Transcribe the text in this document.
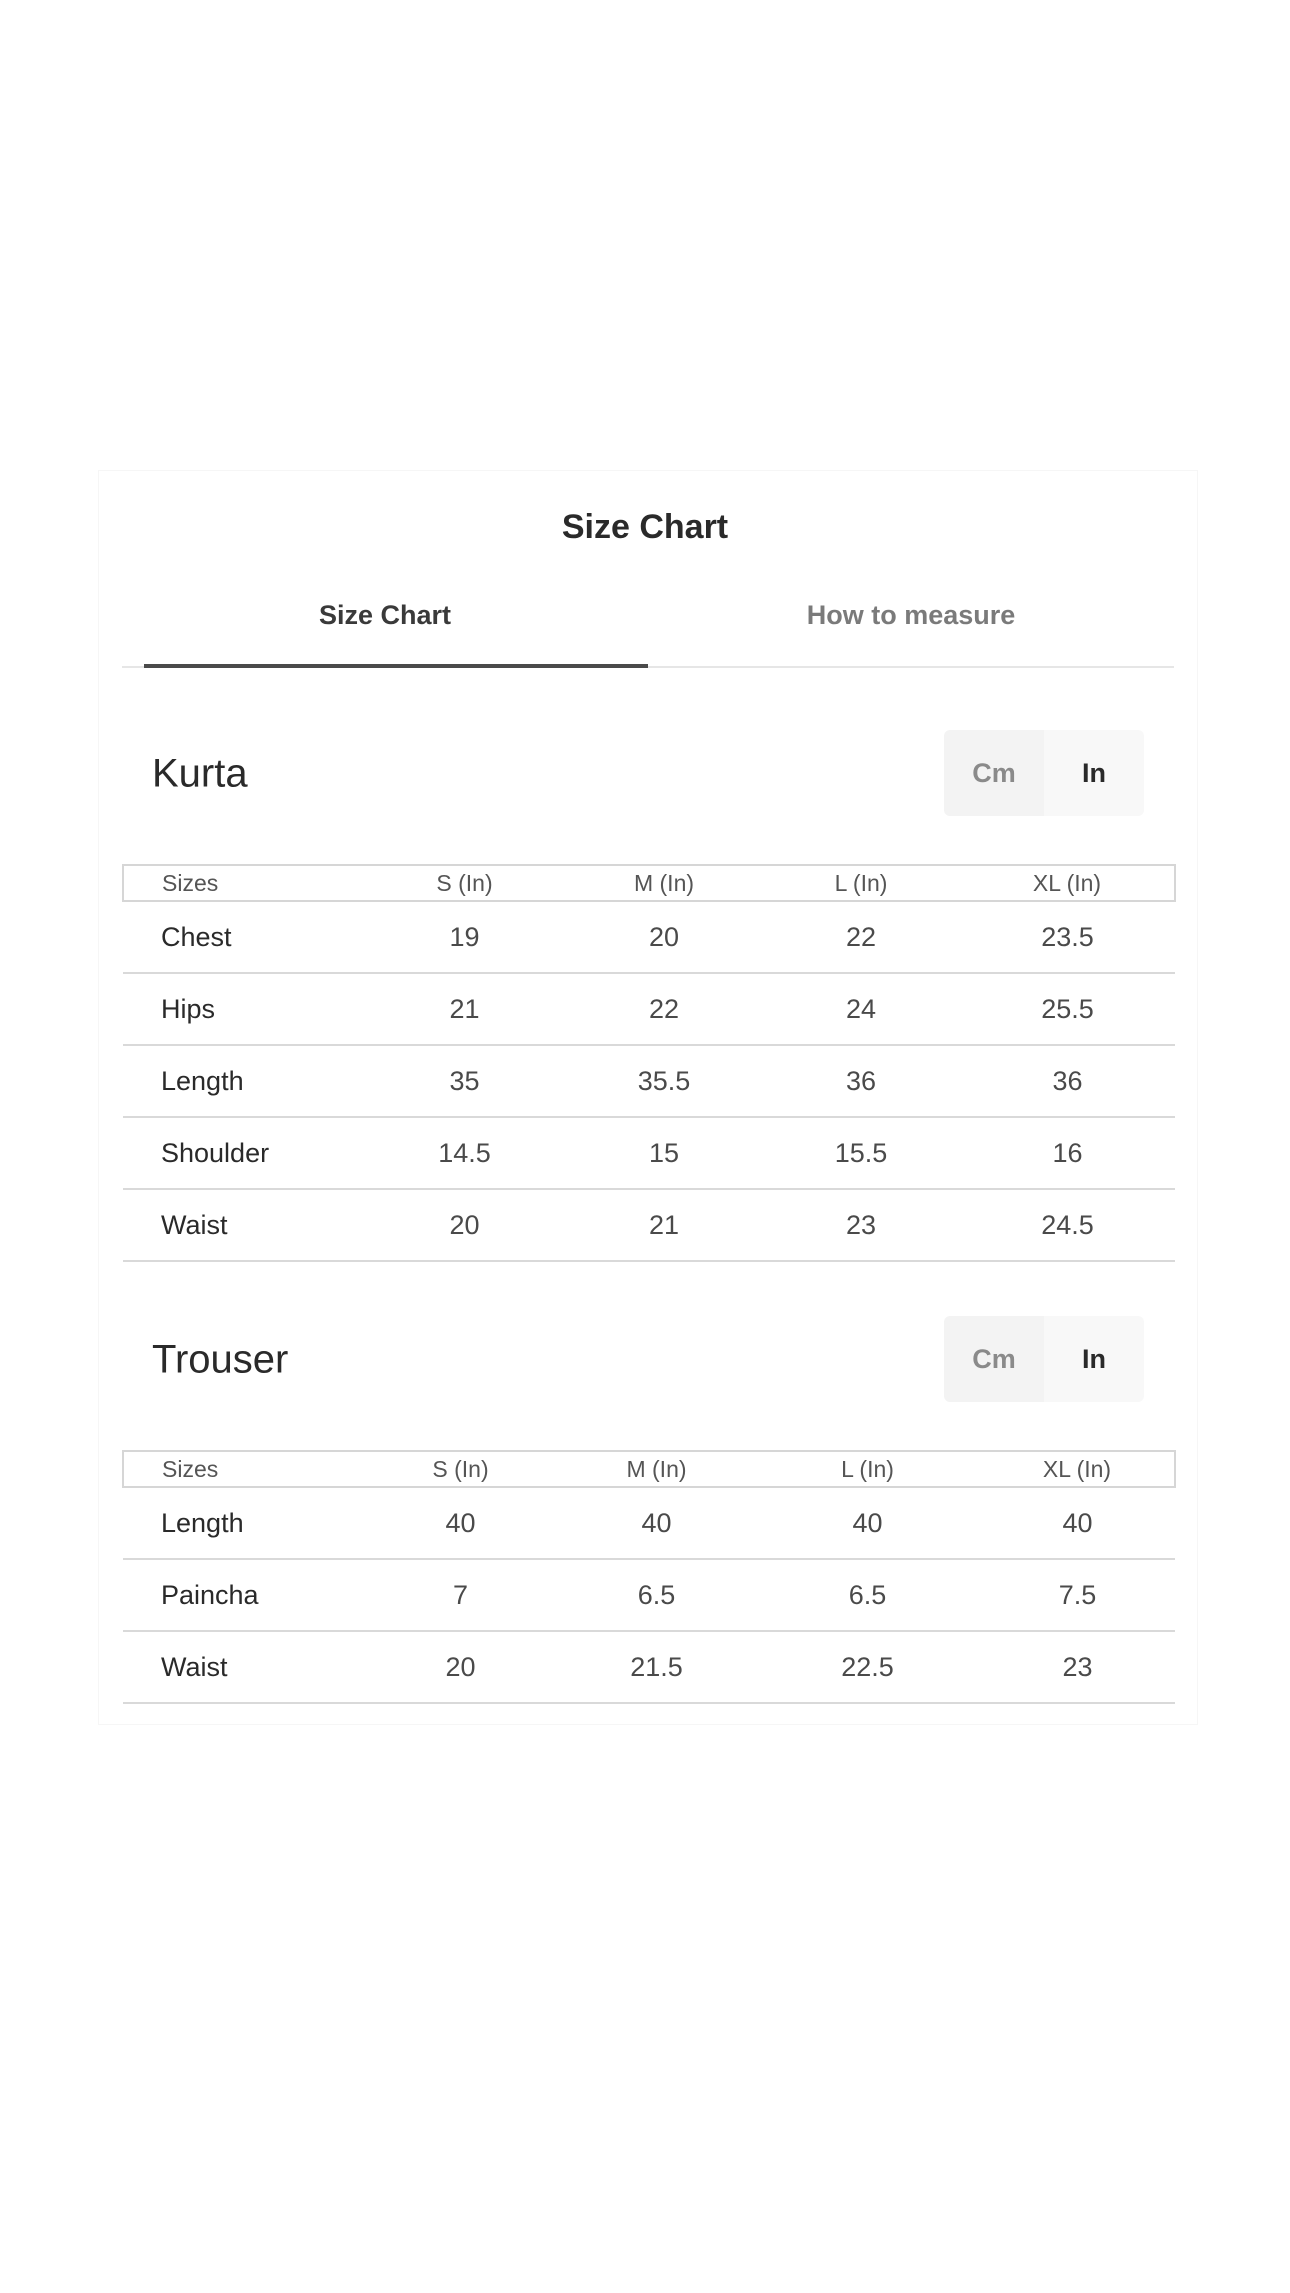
Size Chart
Size Chart	How to measure
Kurta	Cm	In
Sizes	S (In)	M (In)	L (In)	XL (In)
Chest	19	20	22	23.5
Hips	21	22	24	25.5
Length	35	35.5	36	36
Shoulder	14.5	15	15.5	16
Waist	20	21	23	24.5
Trouser	Cm	In
Sizes	S (In)	M (In)	L (In)	XL (In)
Length	40	40	40	40
Paincha	7	6.5	6.5	7.5
Waist	20	21.5	22.5	23
